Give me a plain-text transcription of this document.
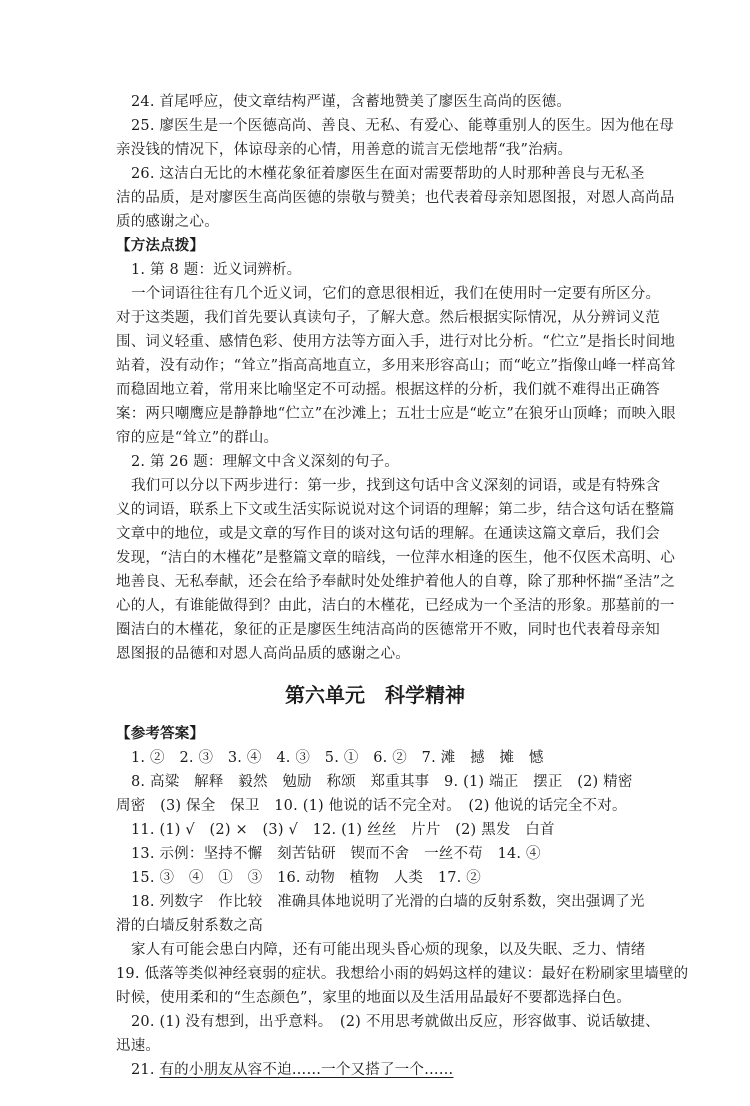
24. 首尾呼应，使文章结构严谨，含蓄地赞美了廖医生高尚的医德。
25. 廖医生是一个医德高尚、善良、无私、有爱心、能尊重别人的医生。因为他在母
亲没钱的情况下，体谅母亲的心情，用善意的谎言无偿地帮“我”治病。
26. 这洁白无比的木槿花象征着廖医生在面对需要帮助的人时那种善良与无私圣
洁的品质，是对廖医生高尚医德的崇敬与赞美；也代表着母亲知恩图报，对恩人高尚品
质的感谢之心。
【方法点拨】
1. 第 8 题：近义词辨析。
一个词语往往有几个近义词，它们的意思很相近，我们在使用时一定要有所区分。
对于这类题，我们首先要认真读句子，了解大意。然后根据实际情况，从分辨词义范
围、词义轻重、感情色彩、使用方法等方面入手，进行对比分析。“伫立”是指长时间地
站着，没有动作；“耸立”指高高地直立，多用来形容高山；而“屹立”指像山峰一样高耸
而稳固地立着，常用来比喻坚定不可动摇。根据这样的分析，我们就不难得出正确答
案：两只嘲鹰应是静静地“伫立”在沙滩上；五壮士应是“屹立”在狼牙山顶峰；而映入眼
帘的应是“耸立”的群山。
2. 第 26 题：理解文中含义深刻的句子。
我们可以分以下两步进行：第一步，找到这句话中含义深刻的词语，或是有特殊含
义的词语，联系上下文或生活实际说说对这个词语的理解；第二步，结合这句话在整篇
文章中的地位，或是文章的写作目的谈对这句话的理解。在通读这篇文章后，我们会
发现，“洁白的木槿花”是整篇文章的暗线，一位萍水相逢的医生，他不仅医术高明、心
地善良、无私奉献，还会在给予奉献时处处维护着他人的自尊，除了那种怀揣“圣洁”之
心的人，有谁能做得到？由此，洁白的木槿花，已经成为一个圣洁的形象。那墓前的一
圈洁白的木槿花，象征的正是廖医生纯洁高尚的医德常开不败，同时也代表着母亲知
恩图报的品德和对恩人高尚品质的感谢之心。
第六单元　科学精神
【参考答案】
1. ②　2. ③　3. ④　4. ③　5. ①　6. ②　7. 滩　撼　摊　憾
8. 高粱　解释　毅然　勉励　称颂　郑重其事　9. (1) 端正　摆正　(2) 精密
周密　(3) 保全　保卫　10. (1) 他说的话不完全对。　(2) 他说的话完全不对。
11. (1) √　(2) ×　(3) √　12. (1) 丝丝　片片　(2) 黑发　白首
13. 示例：坚持不懈　刻苦钻研　锲而不舍　一丝不苟　14. ④
15. ③　④　①　③　16. 动物　植物　人类　17. ②
18. 列数字　作比较　准确具体地说明了光滑的白墙的反射系数，突出强调了光
滑的白墙反射系数之高
家人有可能会患白内障，还有可能出现头昏心烦的现象，以及失眠、乏力、情绪
19. 低落等类似神经衰弱的症状。我想给小雨的妈妈这样的建议：最好在粉刷家里墙壁的
时候，使用柔和的“生态颜色”，家里的地面以及生活用品最好不要都选择白色。
20. (1) 没有想到，出乎意料。　(2) 不用思考就做出反应，形容做事、说话敏捷、
迅速。
21. 有的小朋友从容不迫……一个又搭了一个……
